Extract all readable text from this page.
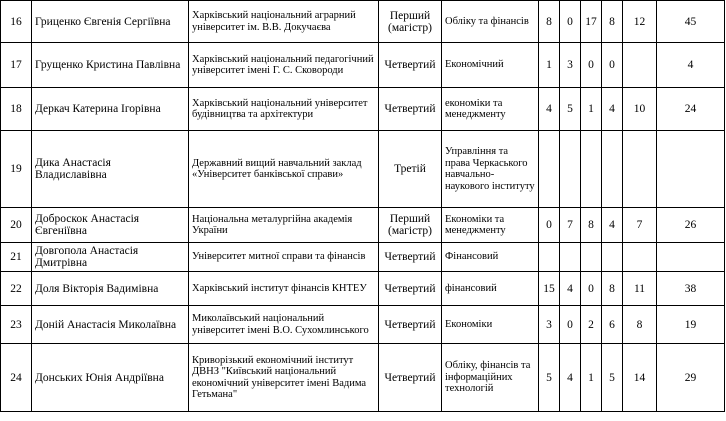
16	Гриценко Євгенія Сергіївна	Харківський національний аграрний університет ім. В.В. Докучаєва	Перший (магістр)	Обліку та фінансів	8	0	17	8	12	45
17	Грущенко Кристина Павлівна	Харківський національний педагогічний університет імені Г. С. Сковороди	Четвертий	Економічний	1	3	0	0		4
18	Деркач Катерина Ігорівна	Харківський національний університет будівництва та архітектури	Четвертий	економіки та менеджменту	4	5	1	4	10	24
19	Дика Анастасія Владиславівна	Державний вищий навчальний заклад «Університет банківської справи»	Третій	Управління та права Черкаського навчально-наукового інституту						
20	Доброскок Анастасія Євгеніївна	Національна металургійна академія України	Перший (магістр)	Економіки та менеджменту	0	7	8	4	7	26
21	Довгопола Анастасія Дмитрівна	Університет митної справи та фінансів	Четвертий	Фінансовий						
22	Доля Вікторія Вадимівна	Харківський інститут фінансів КНТЕУ	Четвертий	фінансовий	15	4	0	8	11	38
23	Доній Анастасія Миколаївна	Миколаївський національний університет імені В.О. Сухомлинського	Четвертий	Економіки	3	0	2	6	8	19
24	Донських Юнія Андріївна	Криворізький економічний інститут ДВНЗ "Київський національний економічний університет імені Вадима Гетьмана"	Четвертий	Обліку, фінансів та інформаційних технологій	5	4	1	5	14	29
